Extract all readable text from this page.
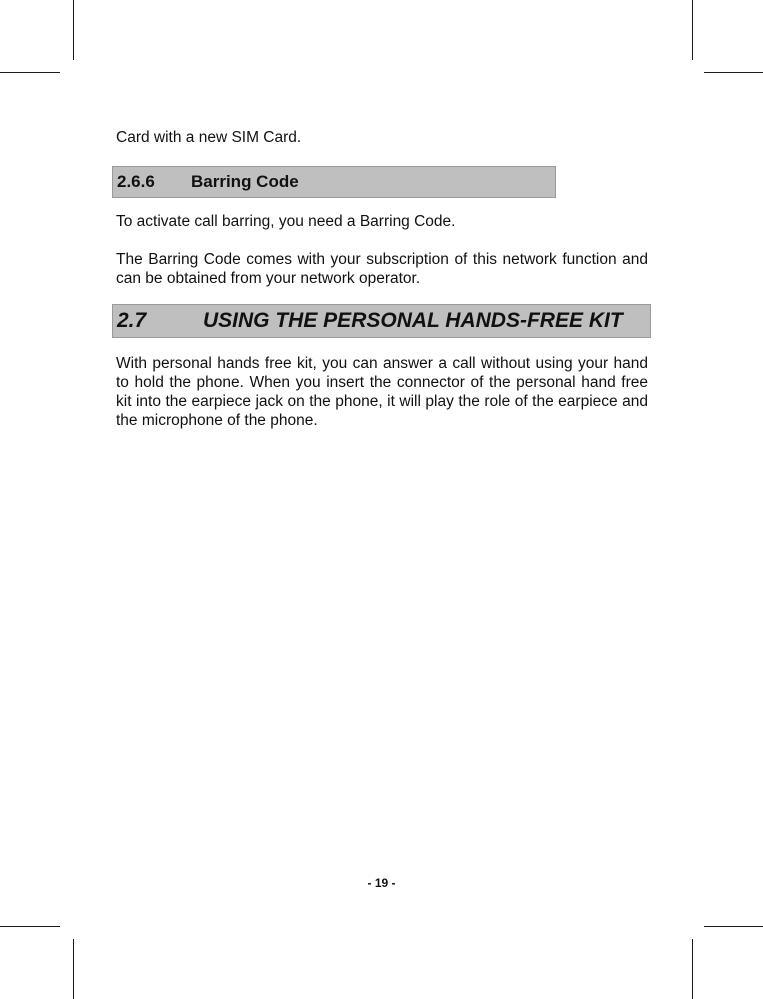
Card with a new SIM Card.

2.6.6	Barring Code

To activate call barring, you need a Barring Code.

The Barring Code comes with your subscription of this network function and can be obtained from your network operator.

2.7	USING THE PERSONAL HANDS-FREE KIT

With personal hands free kit, you can answer a call without using your hand to hold the phone. When you insert the connector of the personal hand free kit into the earpiece jack on the phone, it will play the role of the earpiece and the microphone of the phone.

- 19 -
